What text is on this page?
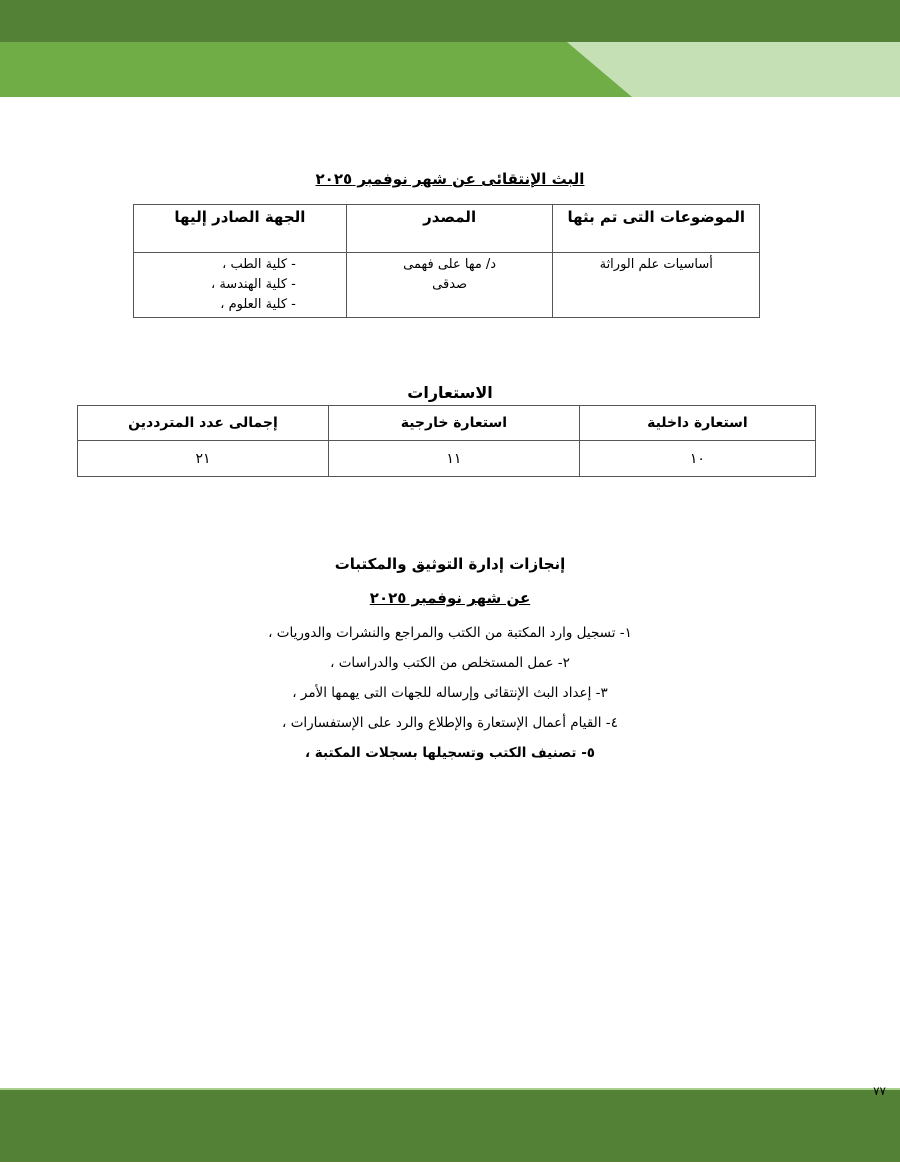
البث الإنتقائى عن شهر نوفمبر ٢٠٢٥
الموضوعات التى تم بثها	المصدر	الجهة الصادر إليها
أساسيات علم الوراثة	د/ مها على فهمى صدقى	- كلية الطب ،
- كلية الهندسة ،
- كلية العلوم ،
الاستعارات
استعارة داخلية	استعارة خارجية	إجمالى عدد المترددين
١٠	١١	٢١
إنجازات إدارة التوثيق والمكتبات
عن شهر نوفمبر ٢٠٢٥
١- تسجيل وارد المكتبة من الكتب والمراجع والنشرات والدوريات ،
٢- عمل المستخلص من الكتب والدراسات ،
٣- إعداد البث الإنتقائى وإرساله للجهات التى يهمها الأمر ،
٤- القيام أعمال الإستعارة والإطلاع والرد على الإستفسارات ،
٥- تصنيف الكتب وتسجيلها بسجلات المكتبة ،
٧٧
